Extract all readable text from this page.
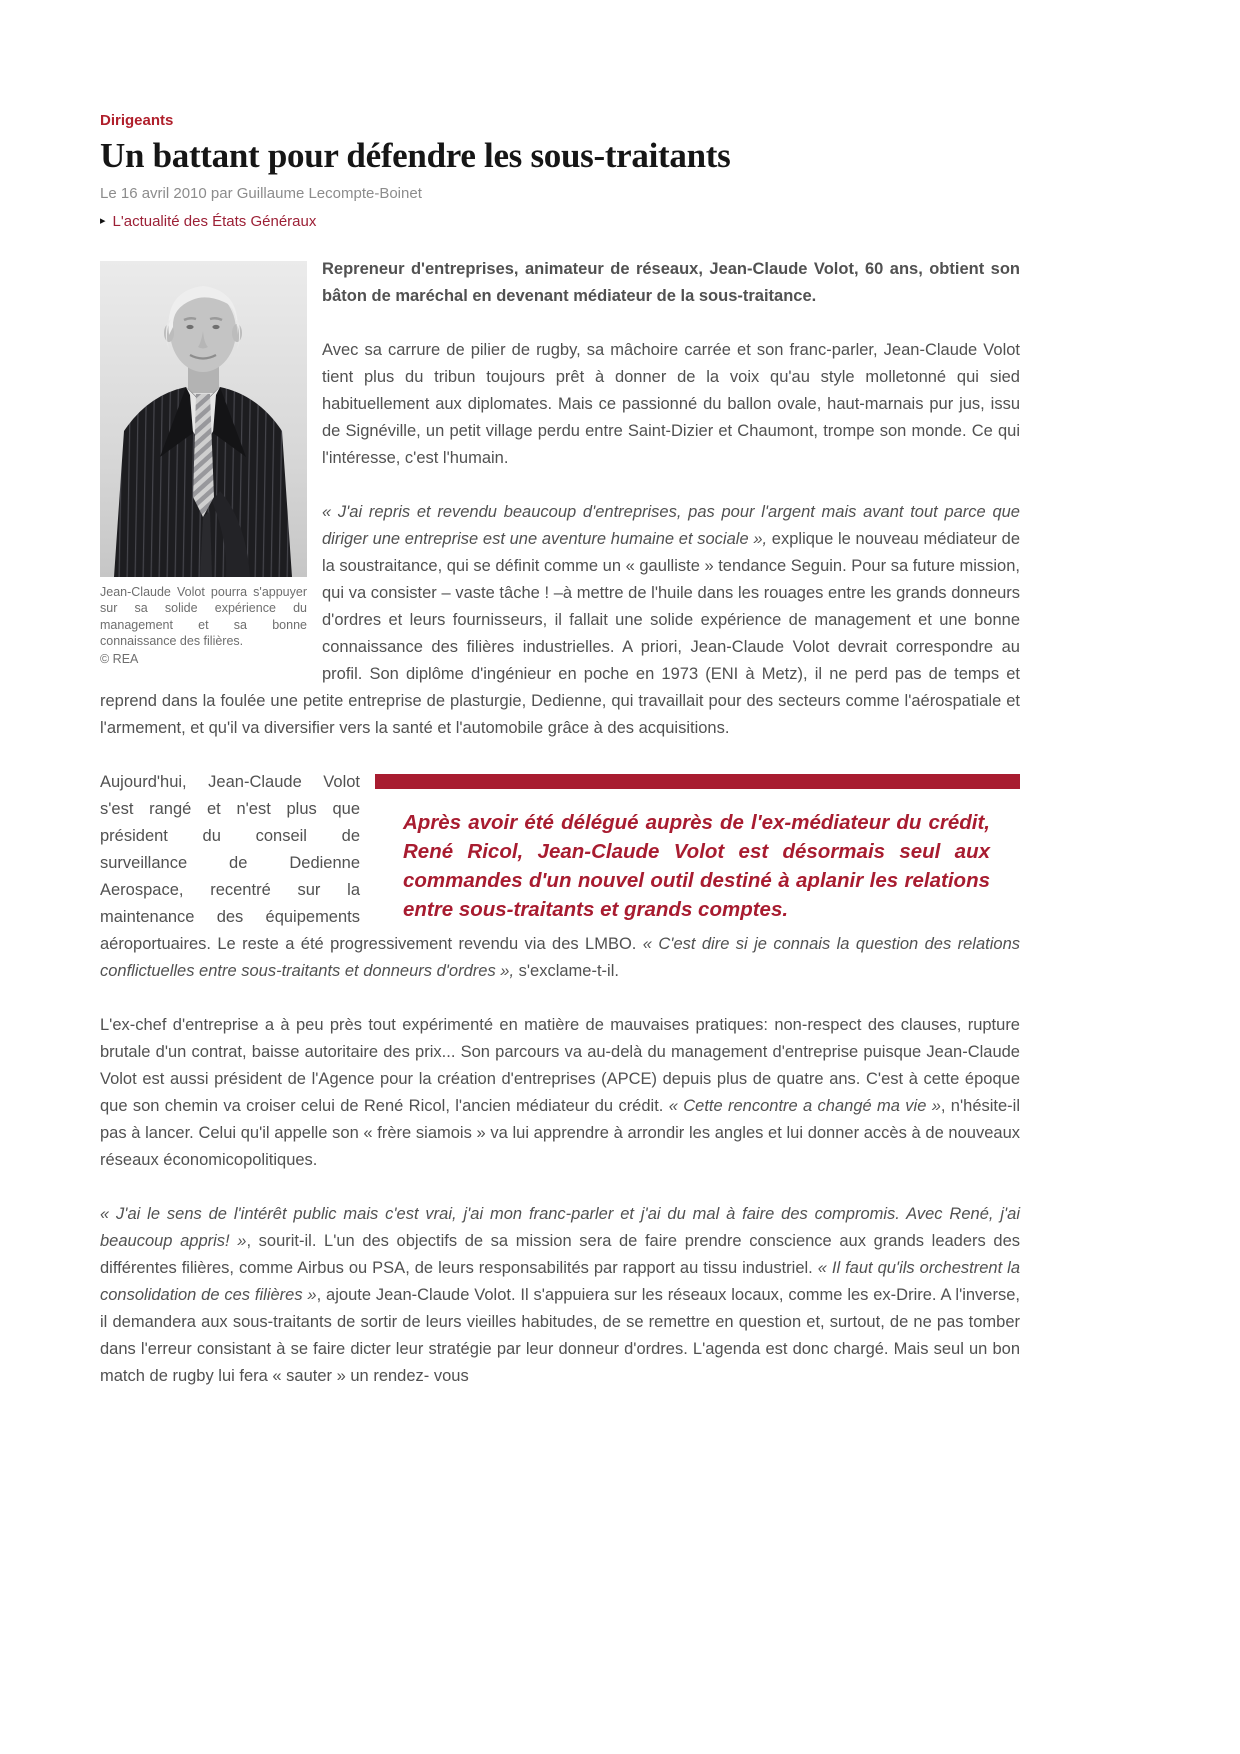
Dirigeants
Un battant pour défendre les sous-traitants
Le 16 avril 2010 par Guillaume Lecompte-Boinet
▸ L'actualité des États Généraux
Jean-Claude Volot pourra s'appuyer sur sa solide expérience du management et sa bonne connaissance des filières.
© REA

Repreneur d'entreprises, animateur de réseaux, Jean-Claude Volot, 60 ans, obtient son bâton de maréchal en devenant médiateur de la sous-traitance.

Avec sa carrure de pilier de rugby, sa mâchoire carrée et son franc-parler, Jean-Claude Volot tient plus du tribun toujours prêt à donner de la voix qu'au style molletonné qui sied habituellement aux diplomates. Mais ce passionné du ballon ovale, haut-marnais pur jus, issu de Signéville, un petit village perdu entre Saint-Dizier et Chaumont, trompe son monde. Ce qui l'intéresse, c'est l'humain.

« J'ai repris et revendu beaucoup d'entreprises, pas pour l'argent mais avant tout parce que diriger une entreprise est une aventure humaine et sociale », explique le nouveau médiateur de la soustraitance, qui se définit comme un « gaulliste » tendance Seguin. Pour sa future mission, qui va consister – vaste tâche ! –à mettre de l'huile dans les rouages entre les grands donneurs d'ordres et leurs fournisseurs, il fallait une solide expérience de management et une bonne connaissance des filières industrielles. A priori, Jean-Claude Volot devrait correspondre au profil. Son diplôme d'ingénieur en poche en 1973 (ENI à Metz), il ne perd pas de temps et reprend dans la foulée une petite entreprise de plasturgie, Dedienne, qui travaillait pour des secteurs comme l'aérospatiale et l'armement, et qu'il va diversifier vers la santé et l'automobile grâce à des acquisitions.

Après avoir été délégué auprès de l'ex-médiateur du crédit, René Ricol, Jean-Claude Volot est désormais seul aux commandes d'un nouvel outil destiné à aplanir les relations entre sous-traitants et grands comptes.

Aujourd'hui, Jean-Claude Volot s'est rangé et n'est plus que président du conseil de surveillance de Dedienne Aerospace, recentré sur la maintenance des équipements aéroportuaires. Le reste a été progressivement revendu via des LMBO. « C'est dire si je connais la question des relations conflictuelles entre sous-traitants et donneurs d'ordres », s'exclame-t-il.

L'ex-chef d'entreprise a à peu près tout expérimenté en matière de mauvaises pratiques: non-respect des clauses, rupture brutale d'un contrat, baisse autoritaire des prix... Son parcours va au-delà du management d'entreprise puisque Jean-Claude Volot est aussi président de l'Agence pour la création d'entreprises (APCE) depuis plus de quatre ans. C'est à cette époque que son chemin va croiser celui de René Ricol, l'ancien médiateur du crédit. « Cette rencontre a changé ma vie », n'hésite-il pas à lancer. Celui qu'il appelle son « frère siamois » va lui apprendre à arrondir les angles et lui donner accès à de nouveaux réseaux économicopolitiques.

« J'ai le sens de l'intérêt public mais c'est vrai, j'ai mon franc-parler et j'ai du mal à faire des compromis. Avec René, j'ai beaucoup appris! », sourit-il. L'un des objectifs de sa mission sera de faire prendre conscience aux grands leaders des différentes filières, comme Airbus ou PSA, de leurs responsabilités par rapport au tissu industriel. « Il faut qu'ils orchestrent la consolidation de ces filières », ajoute Jean-Claude Volot. Il s'appuiera sur les réseaux locaux, comme les ex-Drire. A l'inverse, il demandera aux sous-traitants de sortir de leurs vieilles habitudes, de se remettre en question et, surtout, de ne pas tomber dans l'erreur consistant à se faire dicter leur stratégie par leur donneur d'ordres. L'agenda est donc chargé. Mais seul un bon match de rugby lui fera « sauter » un rendez- vous
